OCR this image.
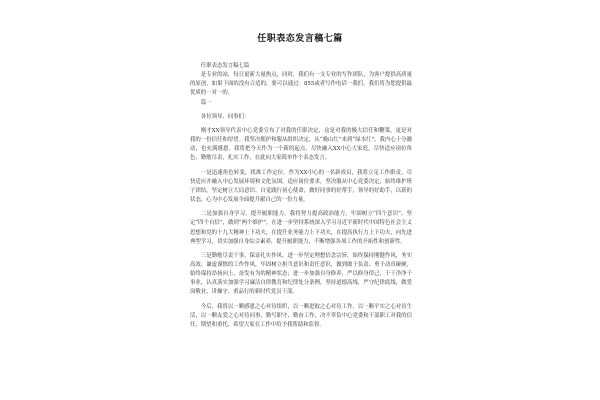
任职表态发言稿七篇

任职表态发言稿七篇

是专业的站，每日更新大量热点，同时，我们有一支专业的写作团队，为客户提供高质量的原创，如果下面的没有合适的，要可以通过：855或者写作电话一我们，我们将为您提供最优质的一对一的。

篇一

各位领导、同事们：

刚才XX领导代表中心党委宣布了对我的任职决定，这是对我的极大信任和鞭策，更是对我的一份信任和厚望。我坚决拥护和服从组织决定，从“晚山红”来到“绿水红”，我内心十分激动，也充满感恩。我将把今天作为一个新的起点，尽快融入XX中心大家庭，尽快适应岗位角色，勤勉尽责，扎实工作，在此向大家简单作个表态发言。

一是迅速角色转变，找准工作定位。作为XX中心的一名新成员，我将立足工作职责，尽快适应并融入中心发展环境和文化氛围，适应岗位要求，坚决服从中心党委决定，始终维护班子团结，坚定树立大局意识、自觉践行初心使命，做好同事的好帮手，领导的好助手，以新的状态，心为中心发展全面提升献自己的一份力量。

二是加强自身学习，提升履职能力。我将努力提高政治能力，牢固树立“四个意识”，坚定“四个自信”，做到“两个维护”，在进一步坚持系统深入学习习近平新时代中国特色社会主义思想和党的十九大精神上下功夫，在提升业务能力上下功夫，在提高执行力上下功夫，向先进典型学习，切实加强自身综合素养，提升履职能力，不断增强各项工作的开拓性和创新性。

三是勤勉尽责干事，保证扎实作风。进一步坚定理想信念宗旨，始终保持刚健作风，务实高效、谦虚谨慎的工作作风，牢固树立担当意识和责任意识，做到敢于负责、勇于动真碰硬，始终保持昂扬向上、奋发有为的精神状态；进一步加强自身修养，严以修身律己，干干净净干事业，认真落实加强学习廉洁自律教育和纪律处分条例，坚持道德高线，严守纪律底线，做爱岗敬业、讲操守、重品行的新时代党员干部。

今后，我将以一颗感恩之心对待组织，以一颗进取之心对待工作，以一颗平实之心对待生活，以一颗友爱之心对待同事，勤写职守、勤奋工作，决不辜负中心党委和干部职工对我的信任、期望和重托，希望大家在工作中给予我帮助和监督。
